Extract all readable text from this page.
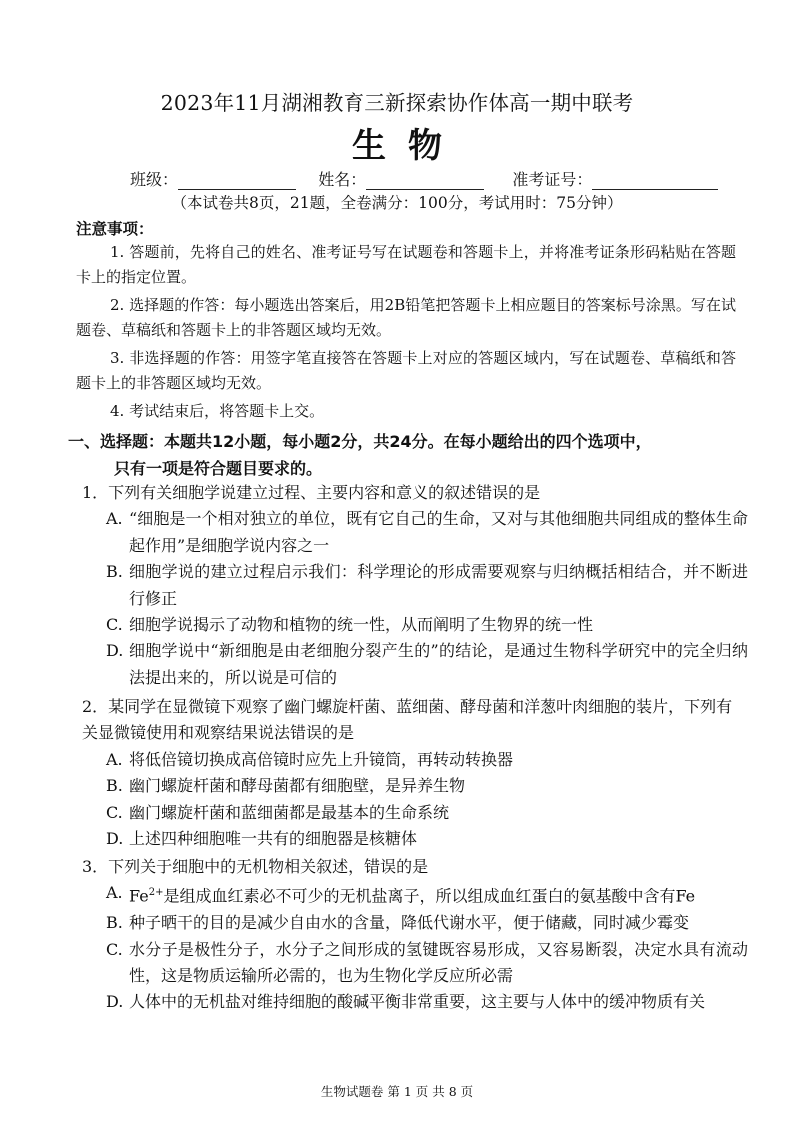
2023年11月湖湘教育三新探索协作体高一期中联考
生物
班级：	姓名：	准考证号：
（本试卷共8页，21题，全卷满分：100分，考试用时：75分钟）
注意事项：

1. 答题前，先将自己的姓名、准考证号写在试题卷和答题卡上，并将准考证条形码粘贴在答题卡上的指定位置。

2. 选择题的作答：每小题选出答案后，用2B铅笔把答题卡上相应题目的答案标号涂黑。写在试题卷、草稿纸和答题卡上的非答题区域均无效。

3. 非选择题的作答：用签字笔直接答在答题卡上对应的答题区域内，写在试题卷、草稿纸和答题卡上的非答题区域均无效。

4. 考试结束后，将答题卡上交。

一、选择题：本题共12小题，每小题2分，共24分。在每小题给出的四个选项中，
只有一项是符合题目要求的。
1．下列有关细胞学说建立过程、主要内容和意义的叙述错误的是
A. “细胞是一个相对独立的单位，既有它自己的生命，又对与其他细胞共同组成的整体生命起作用”是细胞学说内容之一
B. 细胞学说的建立过程启示我们：科学理论的形成需要观察与归纳概括相结合，并不断进行修正
C. 细胞学说揭示了动物和植物的统一性，从而阐明了生物界的统一性
D. 细胞学说中“新细胞是由老细胞分裂产生的”的结论，是通过生物科学研究中的完全归纳法提出来的，所以说是可信的
2．某同学在显微镜下观察了幽门螺旋杆菌、蓝细菌、酵母菌和洋葱叶肉细胞的装片，下列有关显微镜使用和观察结果说法错误的是
A. 将低倍镜切换成高倍镜时应先上升镜筒，再转动转换器
B. 幽门螺旋杆菌和酵母菌都有细胞壁，是异养生物
C. 幽门螺旋杆菌和蓝细菌都是最基本的生命系统
D. 上述四种细胞唯一共有的细胞器是核糖体
3．下列关于细胞中的无机物相关叙述，错误的是
A. $Fe^{2+}$是组成血红素必不可少的无机盐离子，所以组成血红蛋白的氨基酸中含有Fe
B. 种子晒干的目的是减少自由水的含量，降低代谢水平，便于储藏，同时减少霉变
C. 水分子是极性分子，水分子之间形成的氢键既容易形成，又容易断裂，决定水具有流动性，这是物质运输所必需的，也为生物化学反应所必需
D. 人体中的无机盐对维持细胞的酸碱平衡非常重要，这主要与人体中的缓冲物质有关
生物试题卷 第 1 页 共 8 页
